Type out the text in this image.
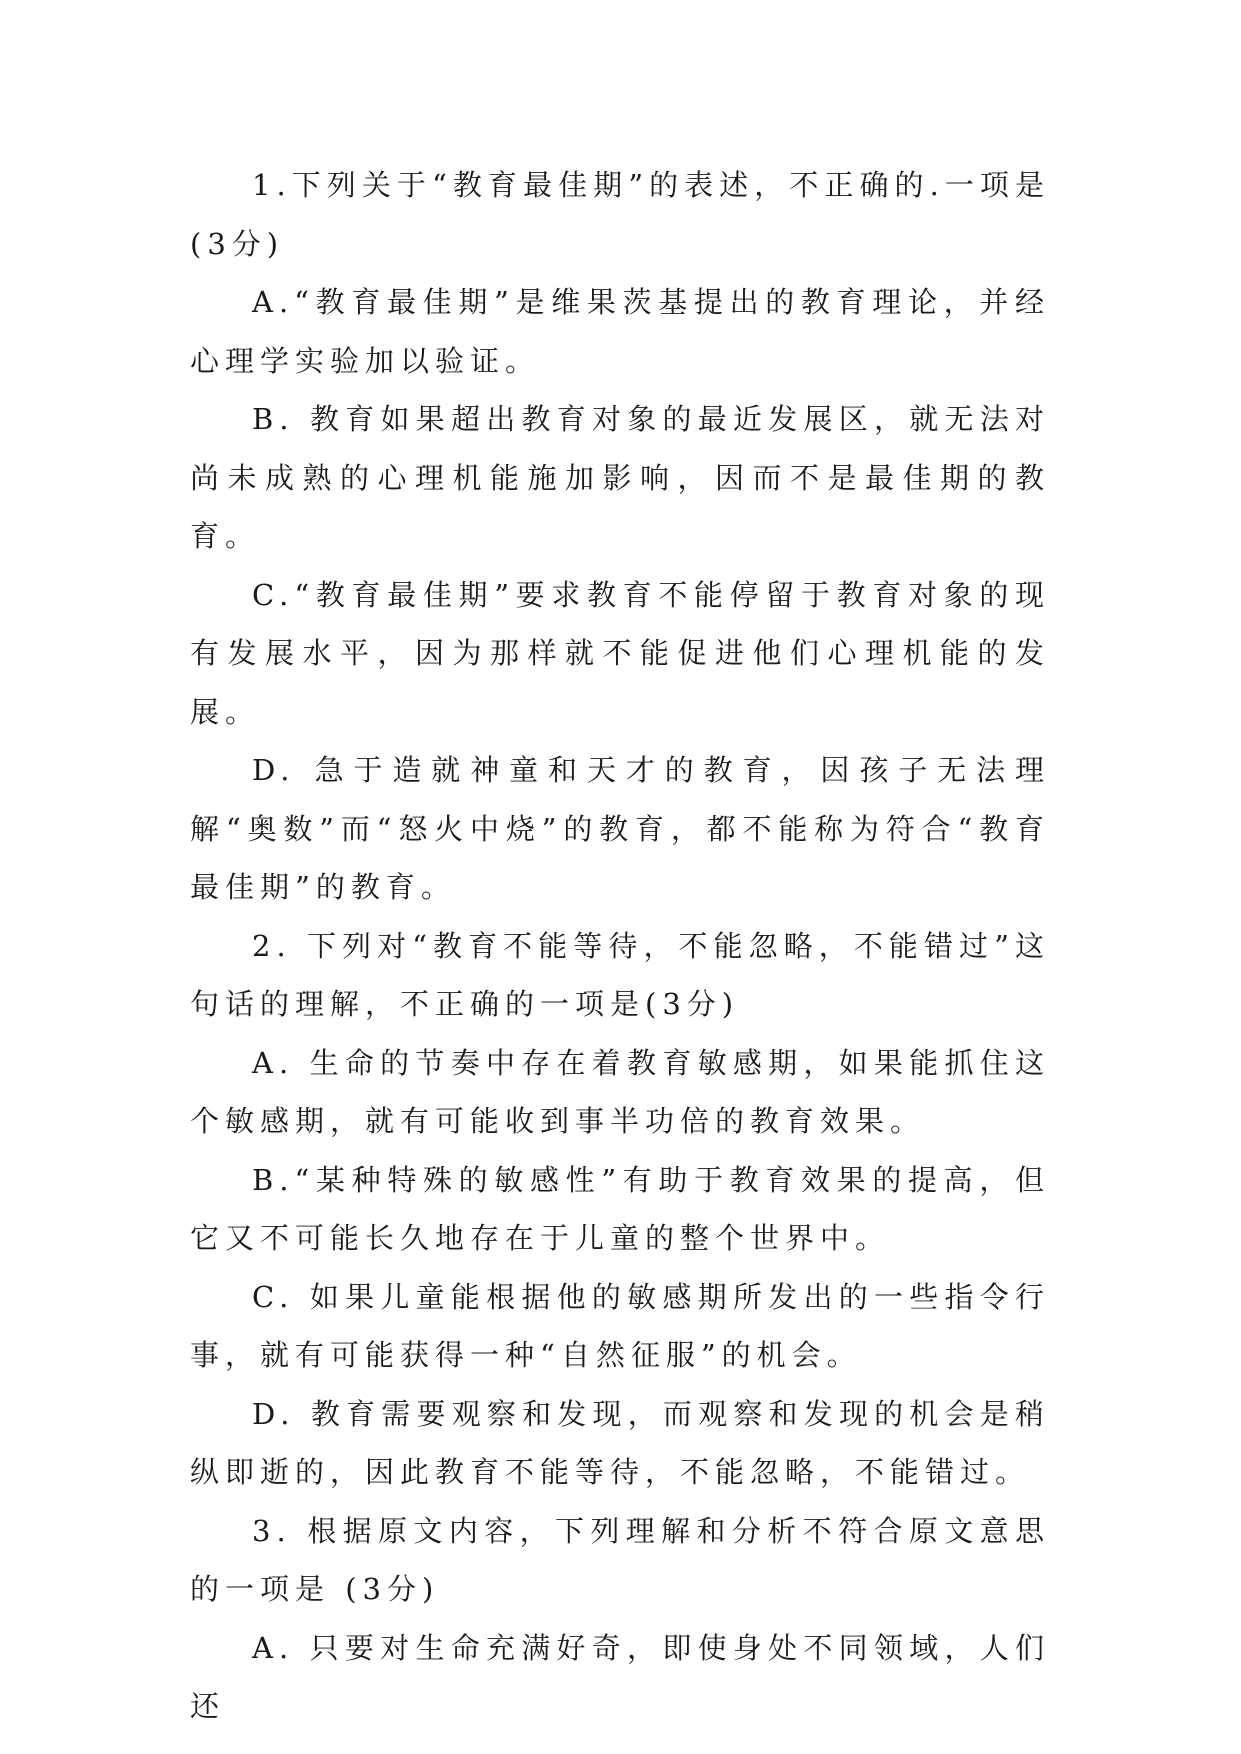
1.下列关于“教育最佳期”的表述，不正确的.一项是(3分)

A.“教育最佳期”是维果茨基提出的教育理论，并经心理学实验加以验证。

B. 教育如果超出教育对象的最近发展区，就无法对尚未成熟的心理机能施加影响，因而不是最佳期的教育。

C.“教育最佳期”要求教育不能停留于教育对象的现有发展水平，因为那样就不能促进他们心理机能的发展。

D. 急于造就神童和天才的教育，因孩子无法理解“奥数”而“怒火中烧”的教育，都不能称为符合“教育最佳期”的教育。

2. 下列对“教育不能等待，不能忽略，不能错过”这句话的理解，不正确的一项是(3分)

A. 生命的节奏中存在着教育敏感期，如果能抓住这个敏感期，就有可能收到事半功倍的教育效果。

B.“某种特殊的敏感性”有助于教育效果的提高，但它又不可能长久地存在于儿童的整个世界中。

C. 如果儿童能根据他的敏感期所发出的一些指令行事，就有可能获得一种“自然征服”的机会。

D. 教育需要观察和发现，而观察和发现的机会是稍纵即逝的，因此教育不能等待，不能忽略，不能错过。

3. 根据原文内容，下列理解和分析不符合原文意思的一项是 (3分)

A. 只要对生命充满好奇，即使身处不同领域，人们还
